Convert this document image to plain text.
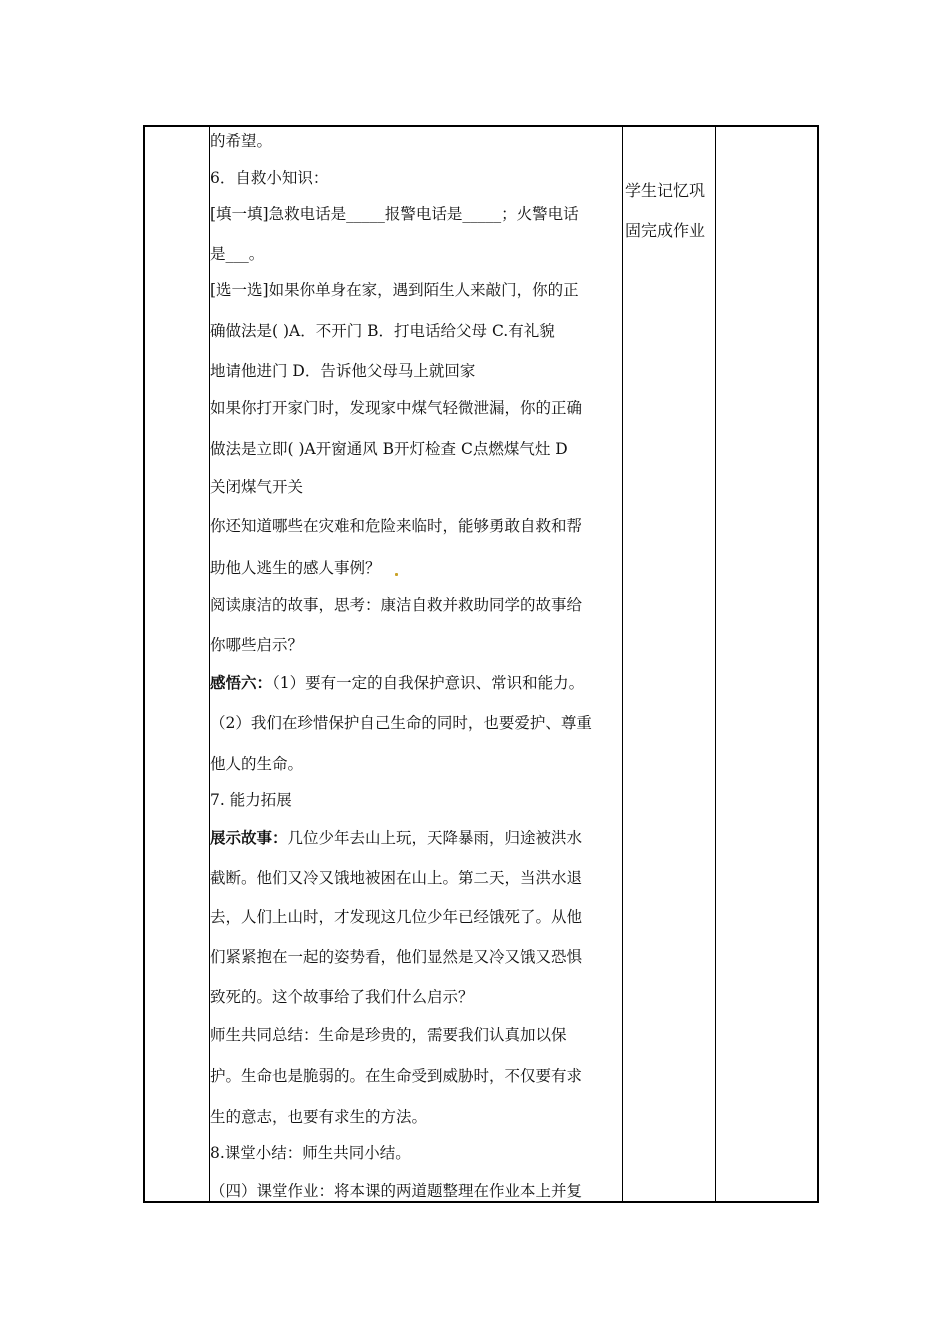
的希望。
6．自救小知识：
[填一填]急救电话是_____报警电话是_____；火警电话
是___。
[选一选]如果你单身在家，遇到陌生人来敲门，你的正
确做法是( )A．不开门 B．打电话给父母 C.有礼貌
地请他进门 D．告诉他父母马上就回家
如果你打开家门时，发现家中煤气轻微泄漏，你的正确
做法是立即( )A开窗通风 B开灯检查 C点燃煤气灶 D
关闭煤气开关
你还知道哪些在灾难和危险来临时，能够勇敢自救和帮
助他人逃生的感人事例？
阅读康洁的故事，思考：康洁自救并救助同学的故事给
你哪些启示？
感悟六：（1）要有一定的自我保护意识、常识和能力。
（2）我们在珍惜保护自己生命的同时，也要爱护、尊重
他人的生命。
7. 能力拓展
展示故事：几位少年去山上玩，天降暴雨，归途被洪水
截断。他们又冷又饿地被困在山上。第二天，当洪水退
去，人们上山时，才发现这几位少年已经饿死了。从他
们紧紧抱在一起的姿势看，他们显然是又冷又饿又恐惧
致死的。这个故事给了我们什么启示？
师生共同总结：生命是珍贵的，需要我们认真加以保
护。生命也是脆弱的。在生命受到威胁时，不仅要有求
生的意志，也要有求生的方法。
8.课堂小结：师生共同小结。
（四）课堂作业：将本课的两道题整理在作业本上并复
学生记忆巩
固完成作业
